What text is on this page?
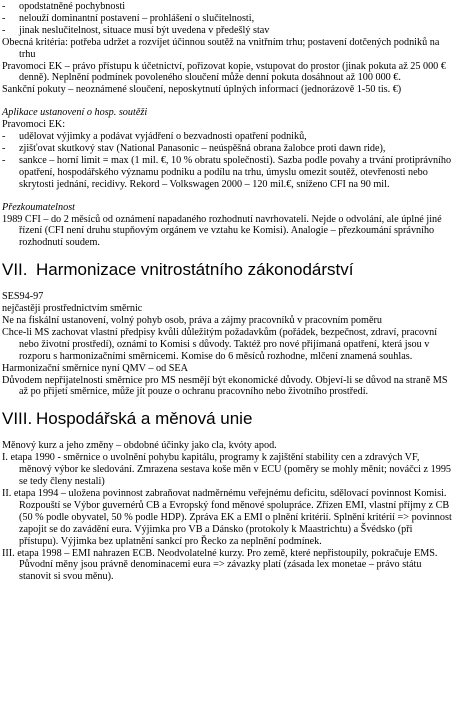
- opodstatněné pochybnosti

- nelouží dominantní postavení – prohlášení o slučitelnosti,

- jinak neslučitelnost, situace musí být uvedena v předešlý stav

Obecná kritéria: potřeba udržet a rozvíjet účinnou soutěž na vnitřním trhu; postavení dotčených podniků na trhu

Pravomoci EK – právo přístupu k účetnictví, pořizovat kopie, vstupovat do prostor (jinak pokuta až 25 000 € denně). Neplnění podmínek povoleného sloučení může denní pokuta dosáhnout až 100 000 €.

Sankční pokuty – neoznámené sloučení, neposkytnutí úplných informací (jednorázově 1-50 tis. €)

Aplikace ustanovení o hosp. soutěži

Pravomoci EK:

- udělovat výjimky a podávat vyjádření o bezvadnosti opatření podniků,

- zjišťovat skutkový stav (National Panasonic – neúspěšná obrana žalobce proti dawn ride),

- sankce – horní limit = max (1 mil. €, 10 % obratu společnosti). Sazba podle povahy a trvání protiprávního opatření, hospodářského významu podniku a podílu na trhu, úmyslu omezit soutěž, otevřenosti nebo skrytosti jednání, recidivy. Rekord – Volkswagen 2000 – 120 mil.€, sníženo CFI na 90 mil.

Přezkoumatelnost

1989 CFI – do 2 měsíců od oznámení napadaného rozhodnutí navrhovateli. Nejde o odvolání, ale úplné jiné řízení (CFI není druhu stupňovým orgánem ve vztahu ke Komisi). Analogie – přezkoumání správního rozhodnutí soudem.

VII. Harmonizace vnitrostátního zákonodárství

SES94-97

nejčastěji prostřednictvím směrnic

Ne na fiskální ustanovení, volný pohyb osob, práva a zájmy pracovníků v pracovním poměru

Chce-li MS zachovat vlastní předpisy kvůli důležitým požadavkům (pořádek, bezpečnost, zdraví, pracovní nebo životní prostředí), oznámí to Komisi s důvody. Taktéž pro nové přijímaná opatření, která jsou v rozporu s harmonizačními směrnicemi. Komise do 6 měsíců rozhodne, mlčení znamená souhlas.

Harmonizační směrnice nyní QMV – od SEA

Důvodem nepřijatelnosti směrnice pro MS nesmějí být ekonomické důvody. Objeví-li se důvod na straně MS až po přijetí směrnice, může jít pouze o ochranu pracovního nebo životního prostředí.

VIII. Hospodářská a měnová unie

Měnový kurz a jeho změny – obdobné účinky jako cla, kvóty apod.

I. etapa 1990 - směrnice o uvolnění pohybu kapitálu, programy k zajištění stability cen a zdravých VF, měnový výbor ke sledování. Zmrazena sestava koše měn v ECU (poměry se mohly měnit; nováčci z 1995 se tedy členy nestali)

II. etapa 1994 – uložena povinnost zabraňovat nadměrnému veřejnému deficitu, sdělovací povinnost Komisi. Rozpouští se Výbor guvernérů CB a Evropský fond měnové spolupráce. Zřízen EMI, vlastní příjmy z CB (50 % podle obyvatel, 50 % podle HDP). Zpráva EK a EMI o plnění kritérií. Splnění kritérií => povinnost zapojit se do zavádění eura. Výjimka pro VB a Dánsko (protokoly k Maastrichtu) a Švédsko (při přístupu). Výjimka bez uplatnění sankcí pro Řecko za neplnění podmínek.

III. etapa 1998 – EMI nahrazen ECB. Neodvolatelné kurzy. Pro země, které nepřistoupily, pokračuje EMS. Původní měny jsou právně denominacemi eura => závazky platí (zásada lex monetae – právo státu stanovit si svou měnu).
